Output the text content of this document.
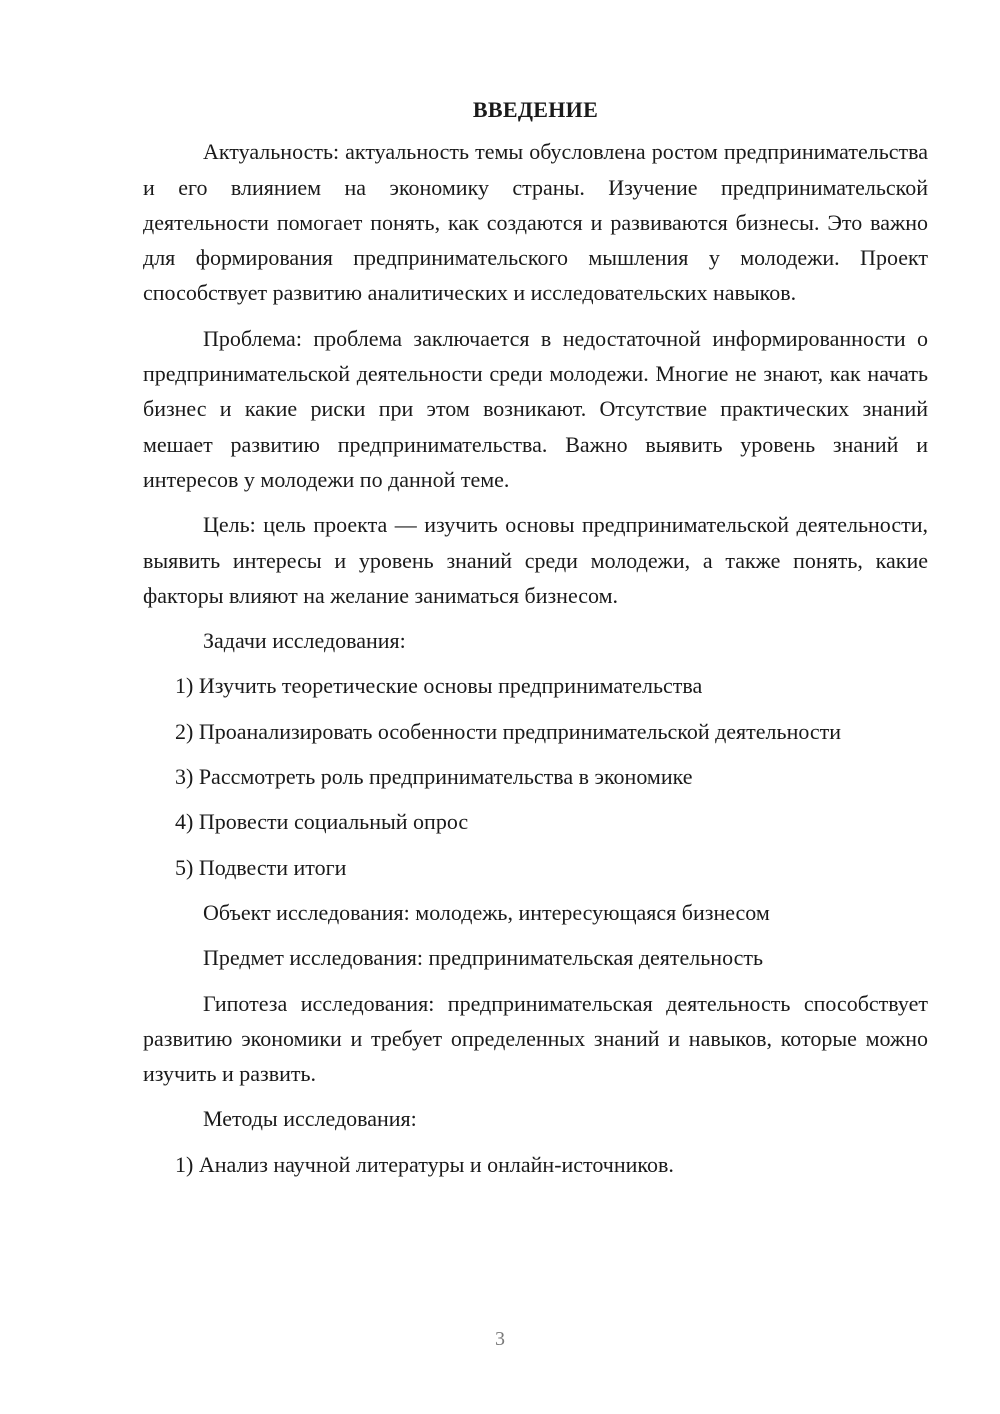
ВВЕДЕНИЕ

Актуальность: актуальность темы обусловлена ростом предпринимательства и его влиянием на экономику страны. Изучение предпринимательской деятельности помогает понять, как создаются и развиваются бизнесы. Это важно для формирования предпринимательского мышления у молодежи. Проект способствует развитию аналитических и исследовательских навыков.

Проблема: проблема заключается в недостаточной информированности о предпринимательской деятельности среди молодежи. Многие не знают, как начать бизнес и какие риски при этом возникают. Отсутствие практических знаний мешает развитию предпринимательства. Важно выявить уровень знаний и интересов у молодежи по данной теме.

Цель: цель проекта — изучить основы предпринимательской деятельности, выявить интересы и уровень знаний среди молодежи, а также понять, какие факторы влияют на желание заниматься бизнесом.

Задачи исследования:

1) Изучить теоретические основы предпринимательства

2) Проанализировать особенности предпринимательской деятельности

3) Рассмотреть роль предпринимательства в экономике

4) Провести социальный опрос

5) Подвести итоги

Объект исследования: молодежь, интересующаяся бизнесом

Предмет исследования: предпринимательская деятельность

Гипотеза исследования: предпринимательская деятельность способствует развитию экономики и требует определенных знаний и навыков, которые можно изучить и развить.

Методы исследования:

1) Анализ научной литературы и онлайн-источников.

3
